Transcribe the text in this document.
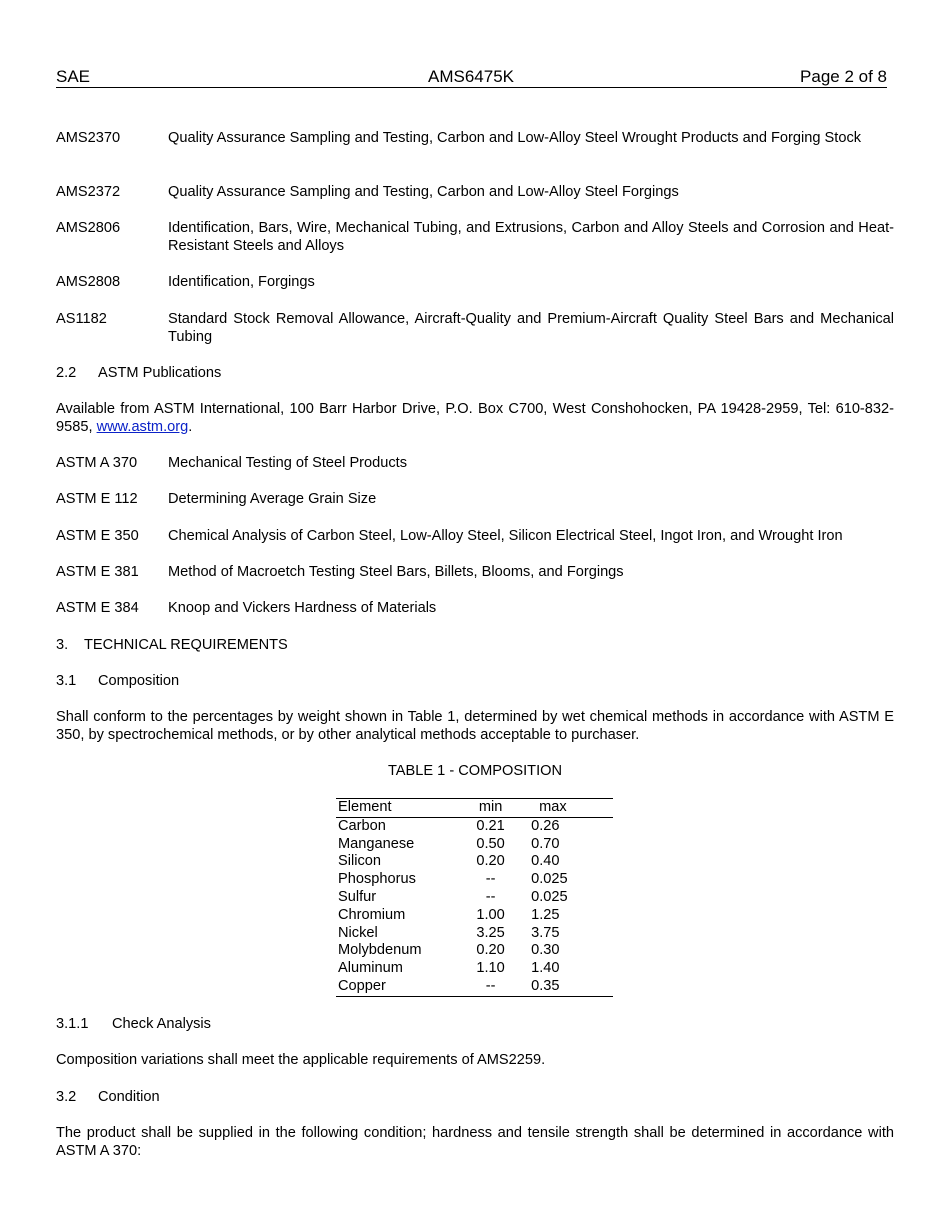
SAE	AMS6475K	Page 2 of 8
AMS2370	Quality Assurance Sampling and Testing, Carbon and Low-Alloy Steel Wrought Products and Forging Stock
AMS2372	Quality Assurance Sampling and Testing, Carbon and Low-Alloy Steel Forgings
AMS2806	Identification, Bars, Wire, Mechanical Tubing, and Extrusions, Carbon and Alloy Steels and Corrosion and Heat-Resistant Steels and Alloys
AMS2808	Identification, Forgings
AS1182	Standard Stock Removal Allowance, Aircraft-Quality and Premium-Aircraft Quality Steel Bars and Mechanical Tubing
2.2 ASTM Publications
Available from ASTM International, 100 Barr Harbor Drive, P.O. Box C700, West Conshohocken, PA 19428-2959, Tel: 610-832-9585, www.astm.org.
ASTM A 370	Mechanical Testing of Steel Products
ASTM E 112	Determining Average Grain Size
ASTM E 350	Chemical Analysis of Carbon Steel, Low-Alloy Steel, Silicon Electrical Steel, Ingot Iron, and Wrought Iron
ASTM E 381	Method of Macroetch Testing Steel Bars, Billets, Blooms, and Forgings
ASTM E 384	Knoop and Vickers Hardness of Materials
3. TECHNICAL REQUIREMENTS
3.1 Composition
Shall conform to the percentages by weight shown in Table 1, determined by wet chemical methods in accordance with ASTM E 350, by spectrochemical methods, or by other analytical methods acceptable to purchaser.
TABLE 1 - COMPOSITION
Element	min	max
Carbon	0.21	0.26
Manganese	0.50	0.70
Silicon	0.20	0.40
Phosphorus	--	0.025
Sulfur	--	0.025
Chromium	1.00	1.25
Nickel	3.25	3.75
Molybdenum	0.20	0.30
Aluminum	1.10	1.40
Copper	--	0.35
3.1.1 Check Analysis
Composition variations shall meet the applicable requirements of AMS2259.
3.2 Condition
The product shall be supplied in the following condition; hardness and tensile strength shall be determined in accordance with ASTM A 370:
